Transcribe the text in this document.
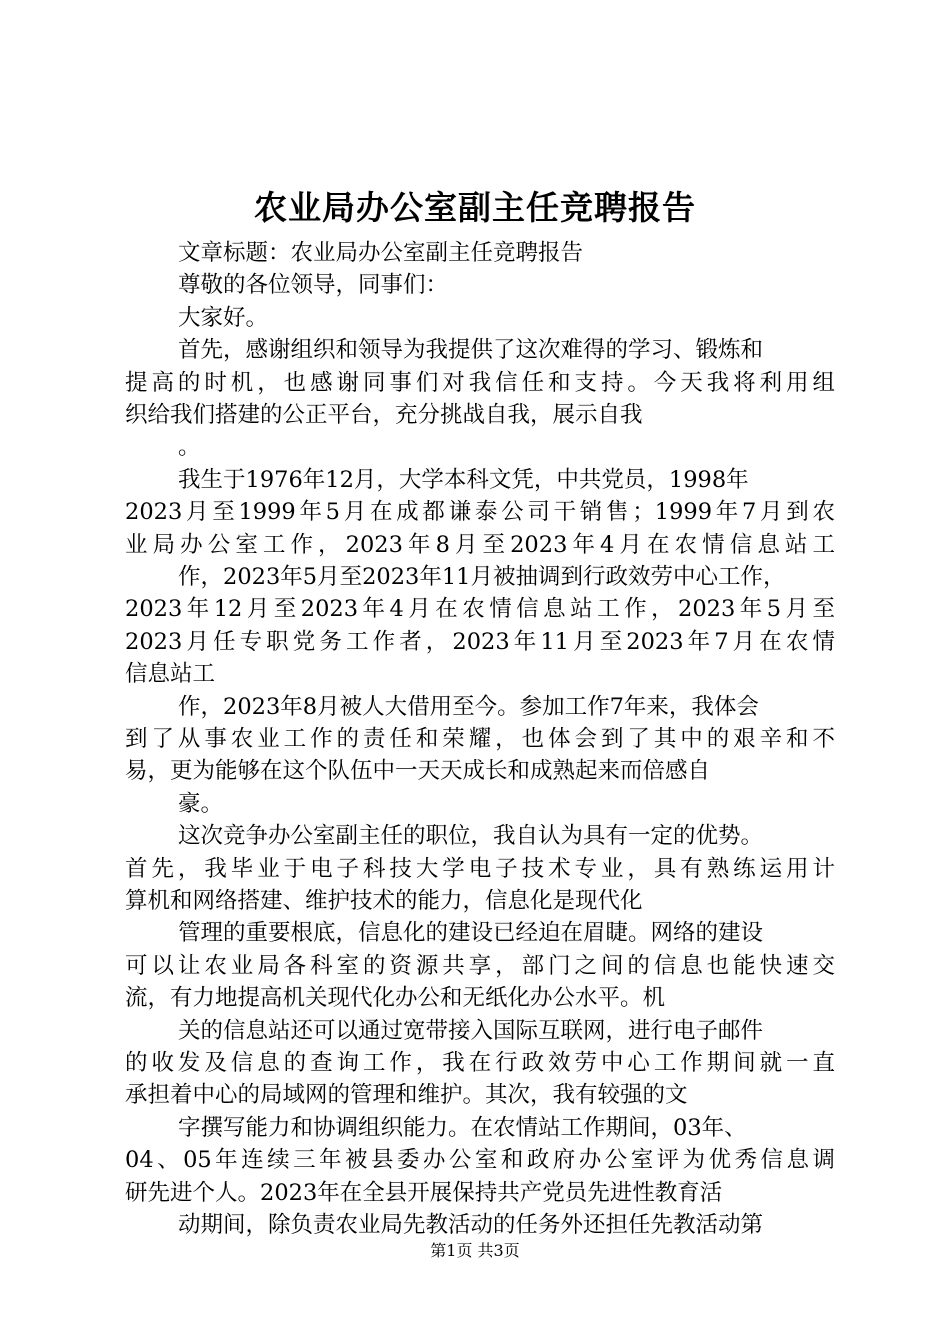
农业局办公室副主任竞聘报告
文章标题：农业局办公室副主任竞聘报告
尊敬的各位领导，同事们：
大家好。
首先，感谢组织和领导为我提供了这次难得的学习、锻炼和
提高的时机，也感谢同事们对我信任和支持。今天我将利用组
织给我们搭建的公正平台，充分挑战自我，展示自我
。
我生于1976年12月，大学本科文凭，中共党员，1998年
2023月至1999年5月在成都谦泰公司干销售；1999年7月到农
业局办公室工作，2023年8月至2023年4月在农情信息站工
作，2023年5月至2023年11月被抽调到行政效劳中心工作，
2023年12月至2023年4月在农情信息站工作，2023年5月至
2023月任专职党务工作者，2023年11月至2023年7月在农情
信息站工
作，2023年8月被人大借用至今。参加工作7年来，我体会
到了从事农业工作的责任和荣耀，也体会到了其中的艰辛和不
易，更为能够在这个队伍中一天天成长和成熟起来而倍感自
豪。
这次竞争办公室副主任的职位，我自认为具有一定的优势。
首先，我毕业于电子科技大学电子技术专业，具有熟练运用计
算机和网络搭建、维护技术的能力，信息化是现代化
管理的重要根底，信息化的建设已经迫在眉睫。网络的建设
可以让农业局各科室的资源共享，部门之间的信息也能快速交
流，有力地提高机关现代化办公和无纸化办公水平。机
关的信息站还可以通过宽带接入国际互联网，进行电子邮件
的收发及信息的查询工作，我在行政效劳中心工作期间就一直
承担着中心的局域网的管理和维护。其次，我有较强的文
字撰写能力和协调组织能力。在农情站工作期间，03年、
04、05年连续三年被县委办公室和政府办公室评为优秀信息调
研先进个人。2023年在全县开展保持共产党员先进性教育活
动期间，除负责农业局先教活动的任务外还担任先教活动第
第1页 共3页
